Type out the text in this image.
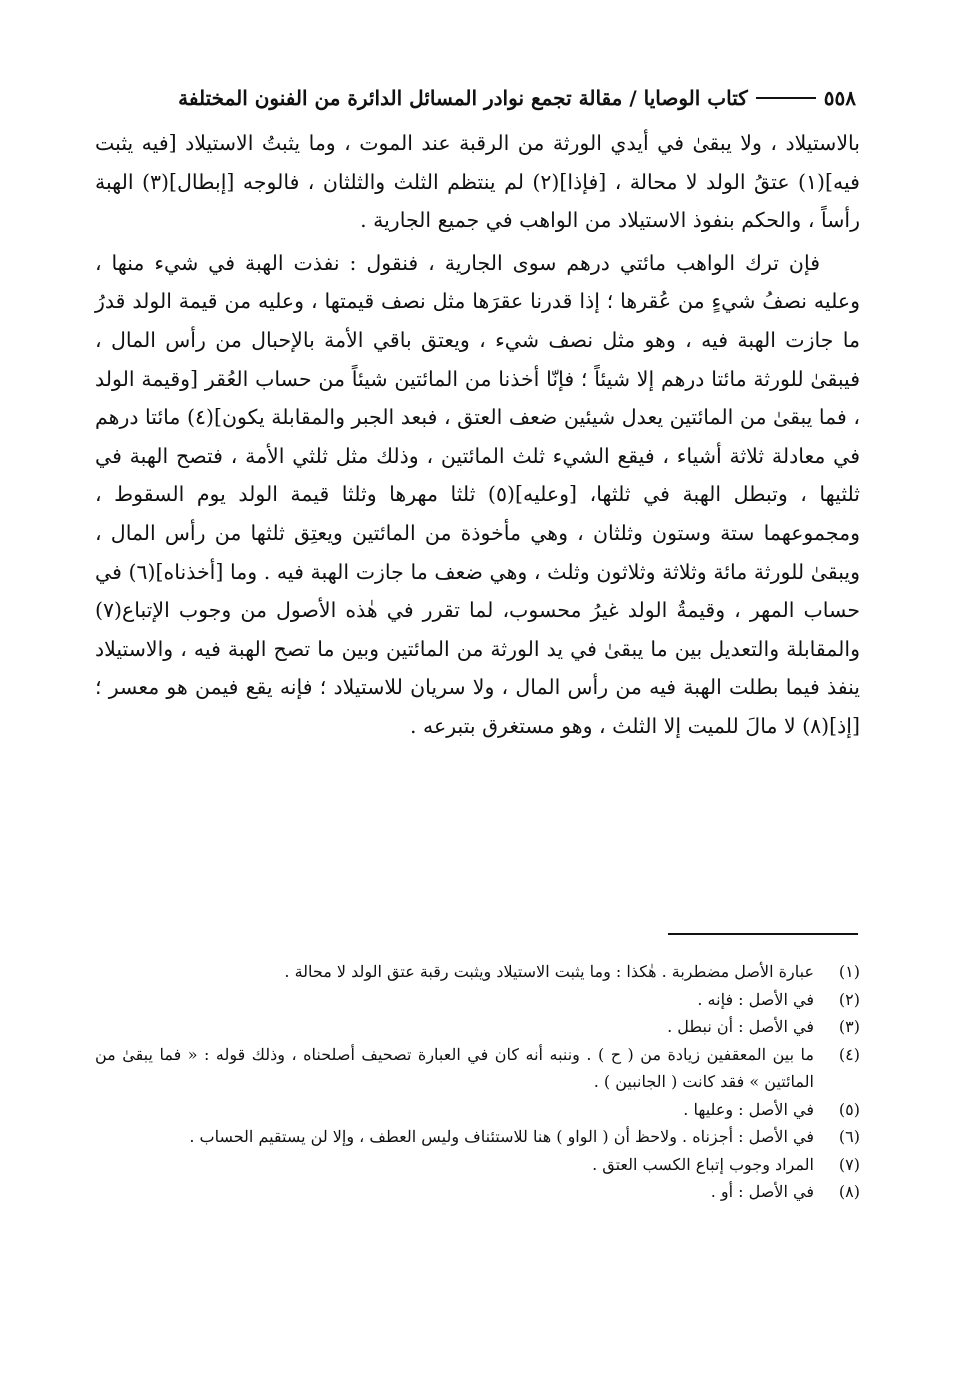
٥٥٨
كتاب الوصايا / مقالة تجمع نوادر المسائل الدائرة من الفنون المختلفة

بالاستيلاد ، ولا يبقىٰ في أيدي الورثة من الرقبة عند الموت ، وما يثبتُ الاستيلاد [فيه يثبت فيه](١) عتقُ الولد لا محالة ، [فإذا](٢) لم ينتظم الثلث والثلثان ، فالوجه [إبطال](٣) الهبة رأساً ، والحكم بنفوذ الاستيلاد من الواهب في جميع الجارية .

فإن ترك الواهب مائتي درهم سوى الجارية ، فنقول : نفذت الهبة في شيء منها ، وعليه نصفُ شيءٍ من عُقرها ؛ إذا قدرنا عقرَها مثل نصف قيمتها ، وعليه من قيمة الولد قدرُ ما جازت الهبة فيه ، وهو مثل نصف شيء ، ويعتق باقي الأمة بالإحبال من رأس المال ، فيبقىٰ للورثة مائتا درهم إلا شيئاً ؛ فإنّا أخذنا من المائتين شيئاً من حساب العُقر [وقيمة الولد ، فما يبقىٰ من المائتين يعدل شيئين ضعف العتق ، فبعد الجبر والمقابلة يكون](٤) مائتا درهم في معادلة ثلاثة أشياء ، فيقع الشيء ثلث المائتين ، وذلك مثل ثلثي الأمة ، فتصح الهبة في ثلثيها ، وتبطل الهبة في ثلثها، [وعليه](٥) ثلثا مهرها وثلثا قيمة الولد يوم السقوط ، ومجموعهما ستة وستون وثلثان ، وهي مأخوذة من المائتين ويعتِق ثلثها من رأس المال ، ويبقىٰ للورثة مائة وثلاثة وثلاثون وثلث ، وهي ضعف ما جازت الهبة فيه . وما [أخذناه](٦) في حساب المهر ، وقيمةُ الولد غيرُ محسوب، لما تقرر في هٰذه الأصول من وجوب الإتباع(٧) والمقابلة والتعديل بين ما يبقىٰ في يد الورثة من المائتين وبين ما تصح الهبة فيه ، والاستيلاد ينفذ فيما بطلت الهبة فيه من رأس المال ، ولا سريان للاستيلاد ؛ فإنه يقع فيمن هو معسر ؛ [إذ](٨) لا مالَ للميت إلا الثلث ، وهو مستغرق بتبرعه .

(١)
عبارة الأصل مضطربة . هٰكذا : وما يثبت الاستيلاد ويثبت رقبة عتق الولد لا محالة .
(٢)
في الأصل : فإنه .
(٣)
في الأصل : أن نبطل .
(٤)
ما بين المعقفين زيادة من ( ح ) . وننبه أنه كان في العبارة تصحيف أصلحناه ، وذلك قوله : « فما يبقىٰ من المائتين » فقد كانت ( الجانبين ) .
(٥)
في الأصل : وعليها .
(٦)
في الأصل : أجزناه . ولاحظ أن ( الواو ) هنا للاستئناف وليس العطف ، وإلا لن يستقيم الحساب .
(٧)
المراد وجوب إتباع الكسب العتق .
(٨)
في الأصل : أو .
